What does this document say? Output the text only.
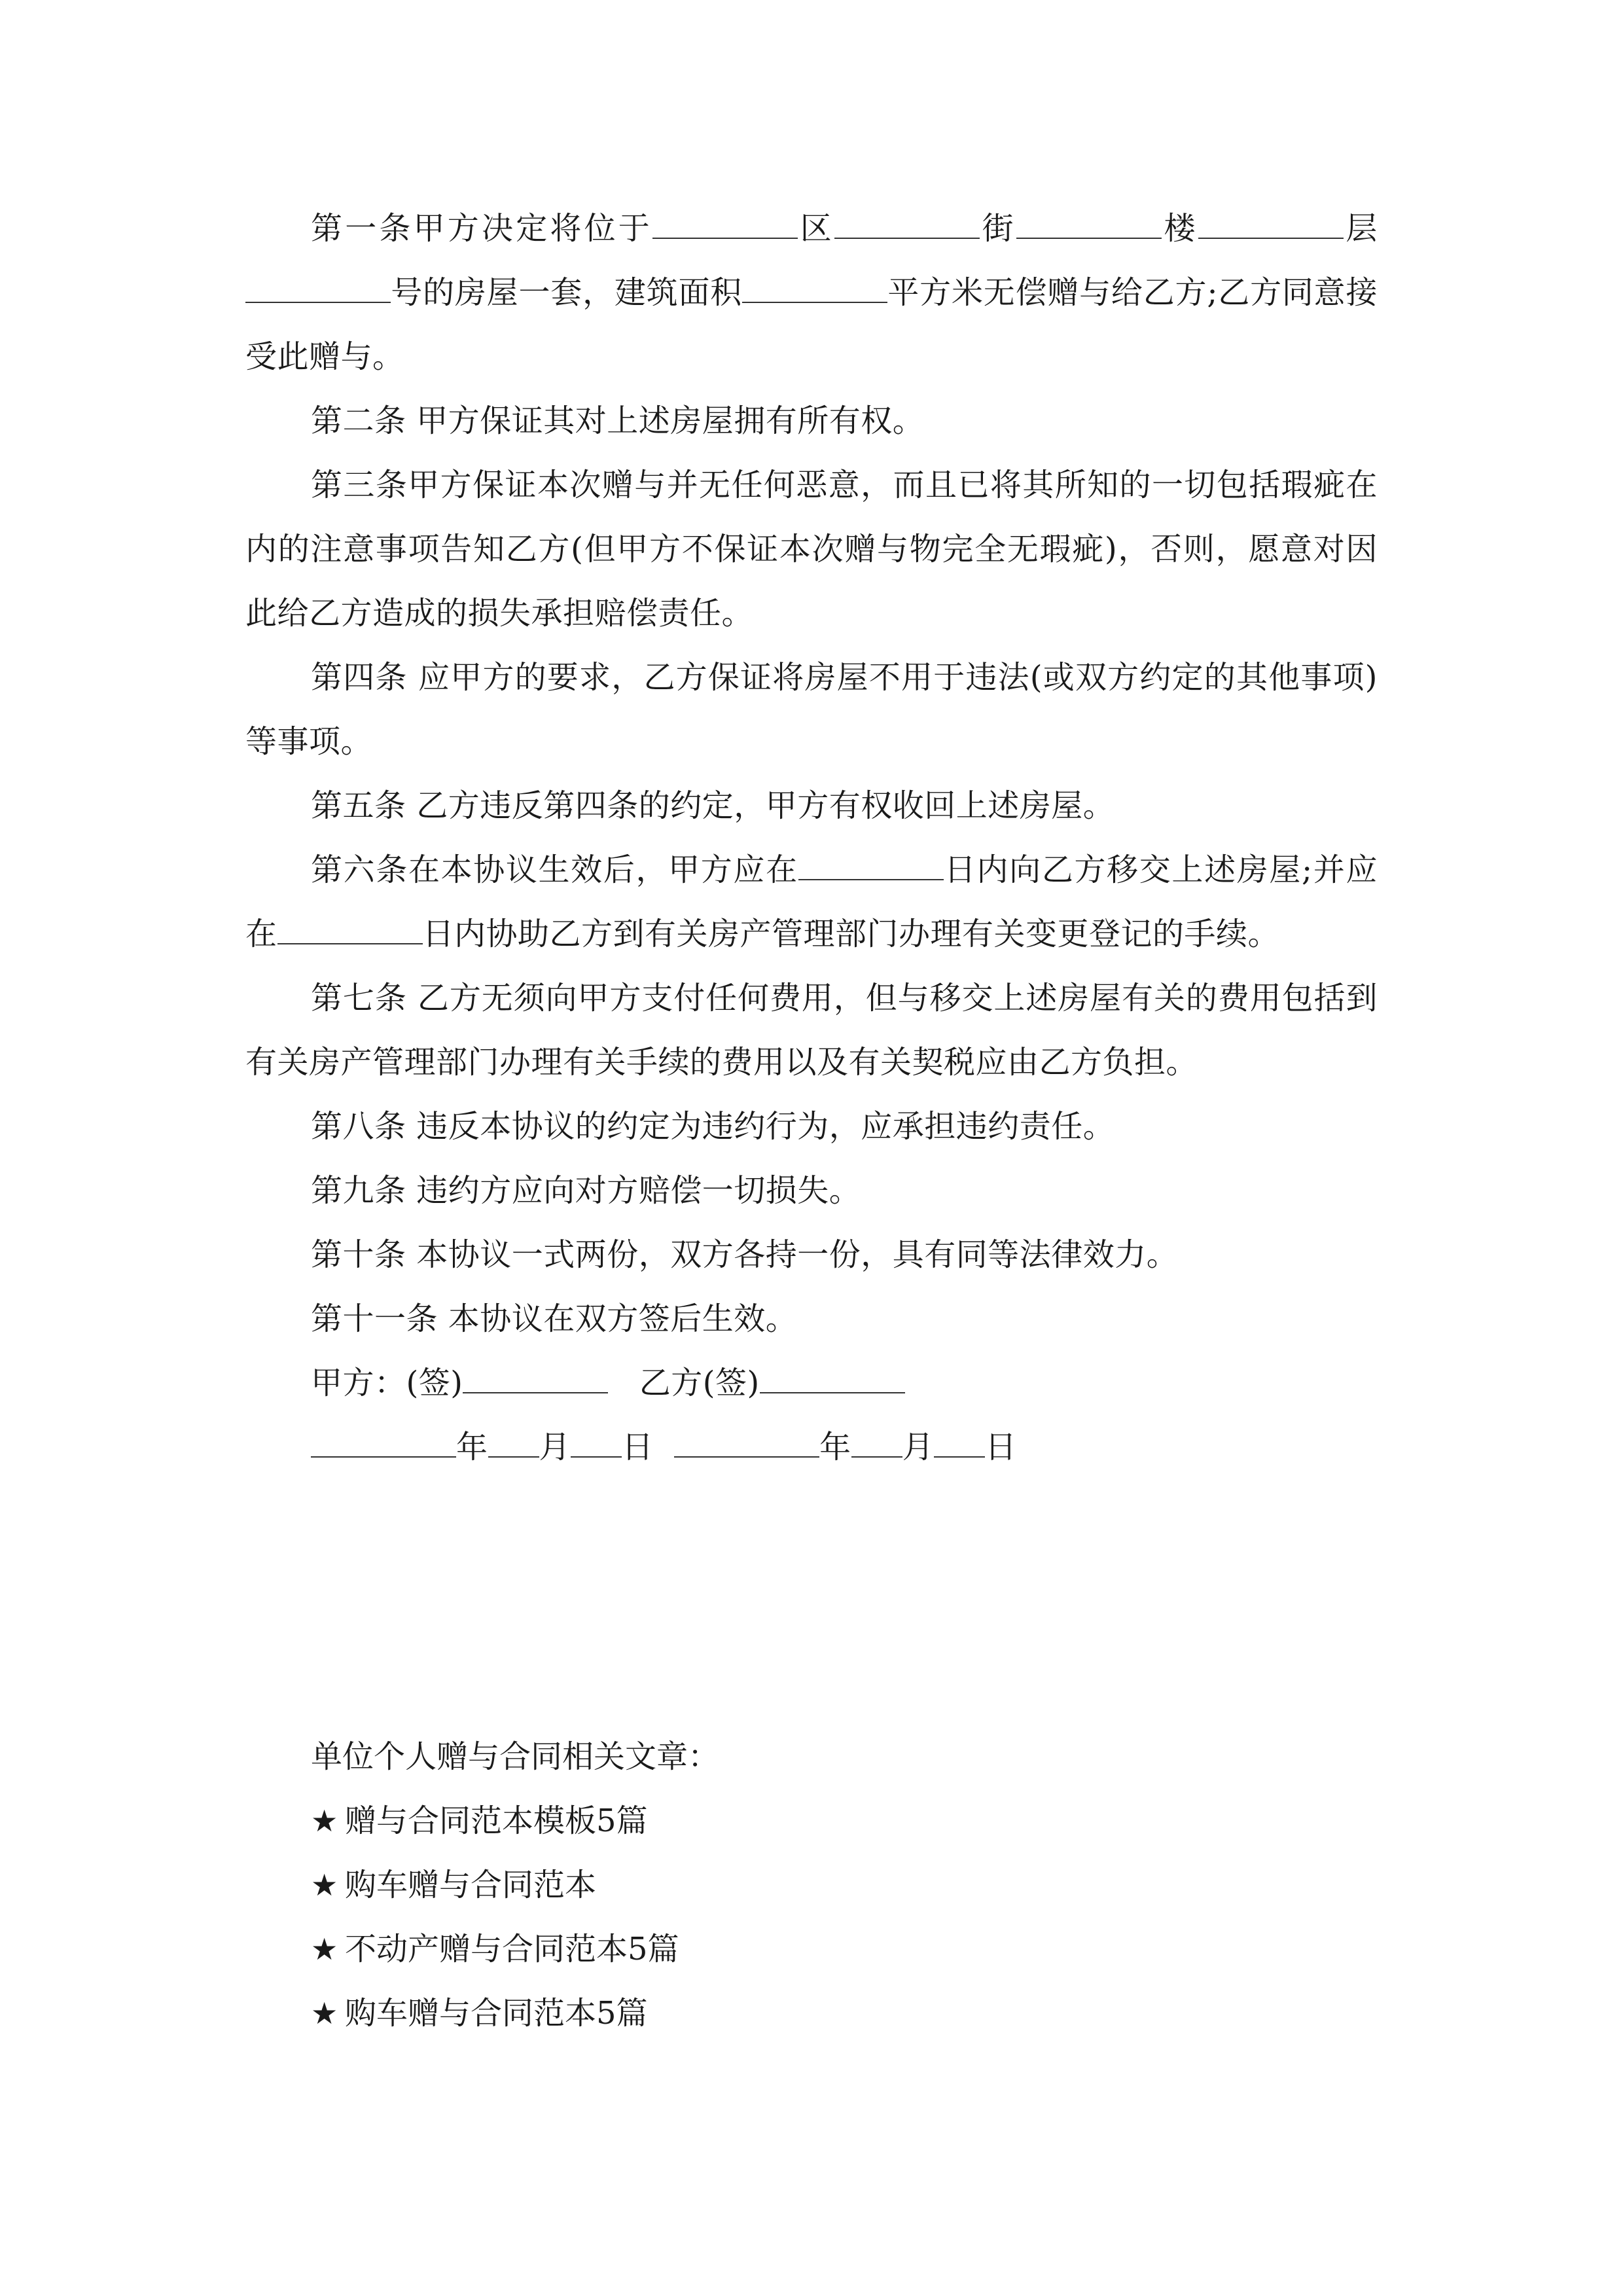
第一条甲方决定将位于	区	街	楼	层号的房屋一套，建筑面积	平方米无偿赠与给乙方;乙方同意接受此赠与。

第二条 甲方保证其对上述房屋拥有所有权。

第三条甲方保证本次赠与并无任何恶意，而且已将其所知的一切包括瑕疵在内的注意事项告知乙方(但甲方不保证本次赠与物完全无瑕疵)，否则，愿意对因此给乙方造成的损失承担赔偿责任。

第四条 应甲方的要求，乙方保证将房屋不用于违法(或双方约定的其他事项)等事项。

第五条 乙方违反第四条的约定，甲方有权收回上述房屋。

第六条在本协议生效后，甲方应在	日内向乙方移交上述房屋;并应在	日内协助乙方到有关房产管理部门办理有关变更登记的手续。

第七条 乙方无须向甲方支付任何费用，但与移交上述房屋有关的费用包括到有关房产管理部门办理有关手续的费用以及有关契税应由乙方负担。

第八条 违反本协议的约定为违约行为，应承担违约责任。

第九条 违约方应向对方赔偿一切损失。

第十条 本协议一式两份，双方各持一份，具有同等法律效力。

第十一条 本协议在双方签后生效。

甲方：(签)	乙方(签)

年 月 日	年 月 日

单位个人赠与合同相关文章：

★ 赠与合同范本模板5篇

★ 购车赠与合同范本

★ 不动产赠与合同范本5篇

★ 购车赠与合同范本5篇
